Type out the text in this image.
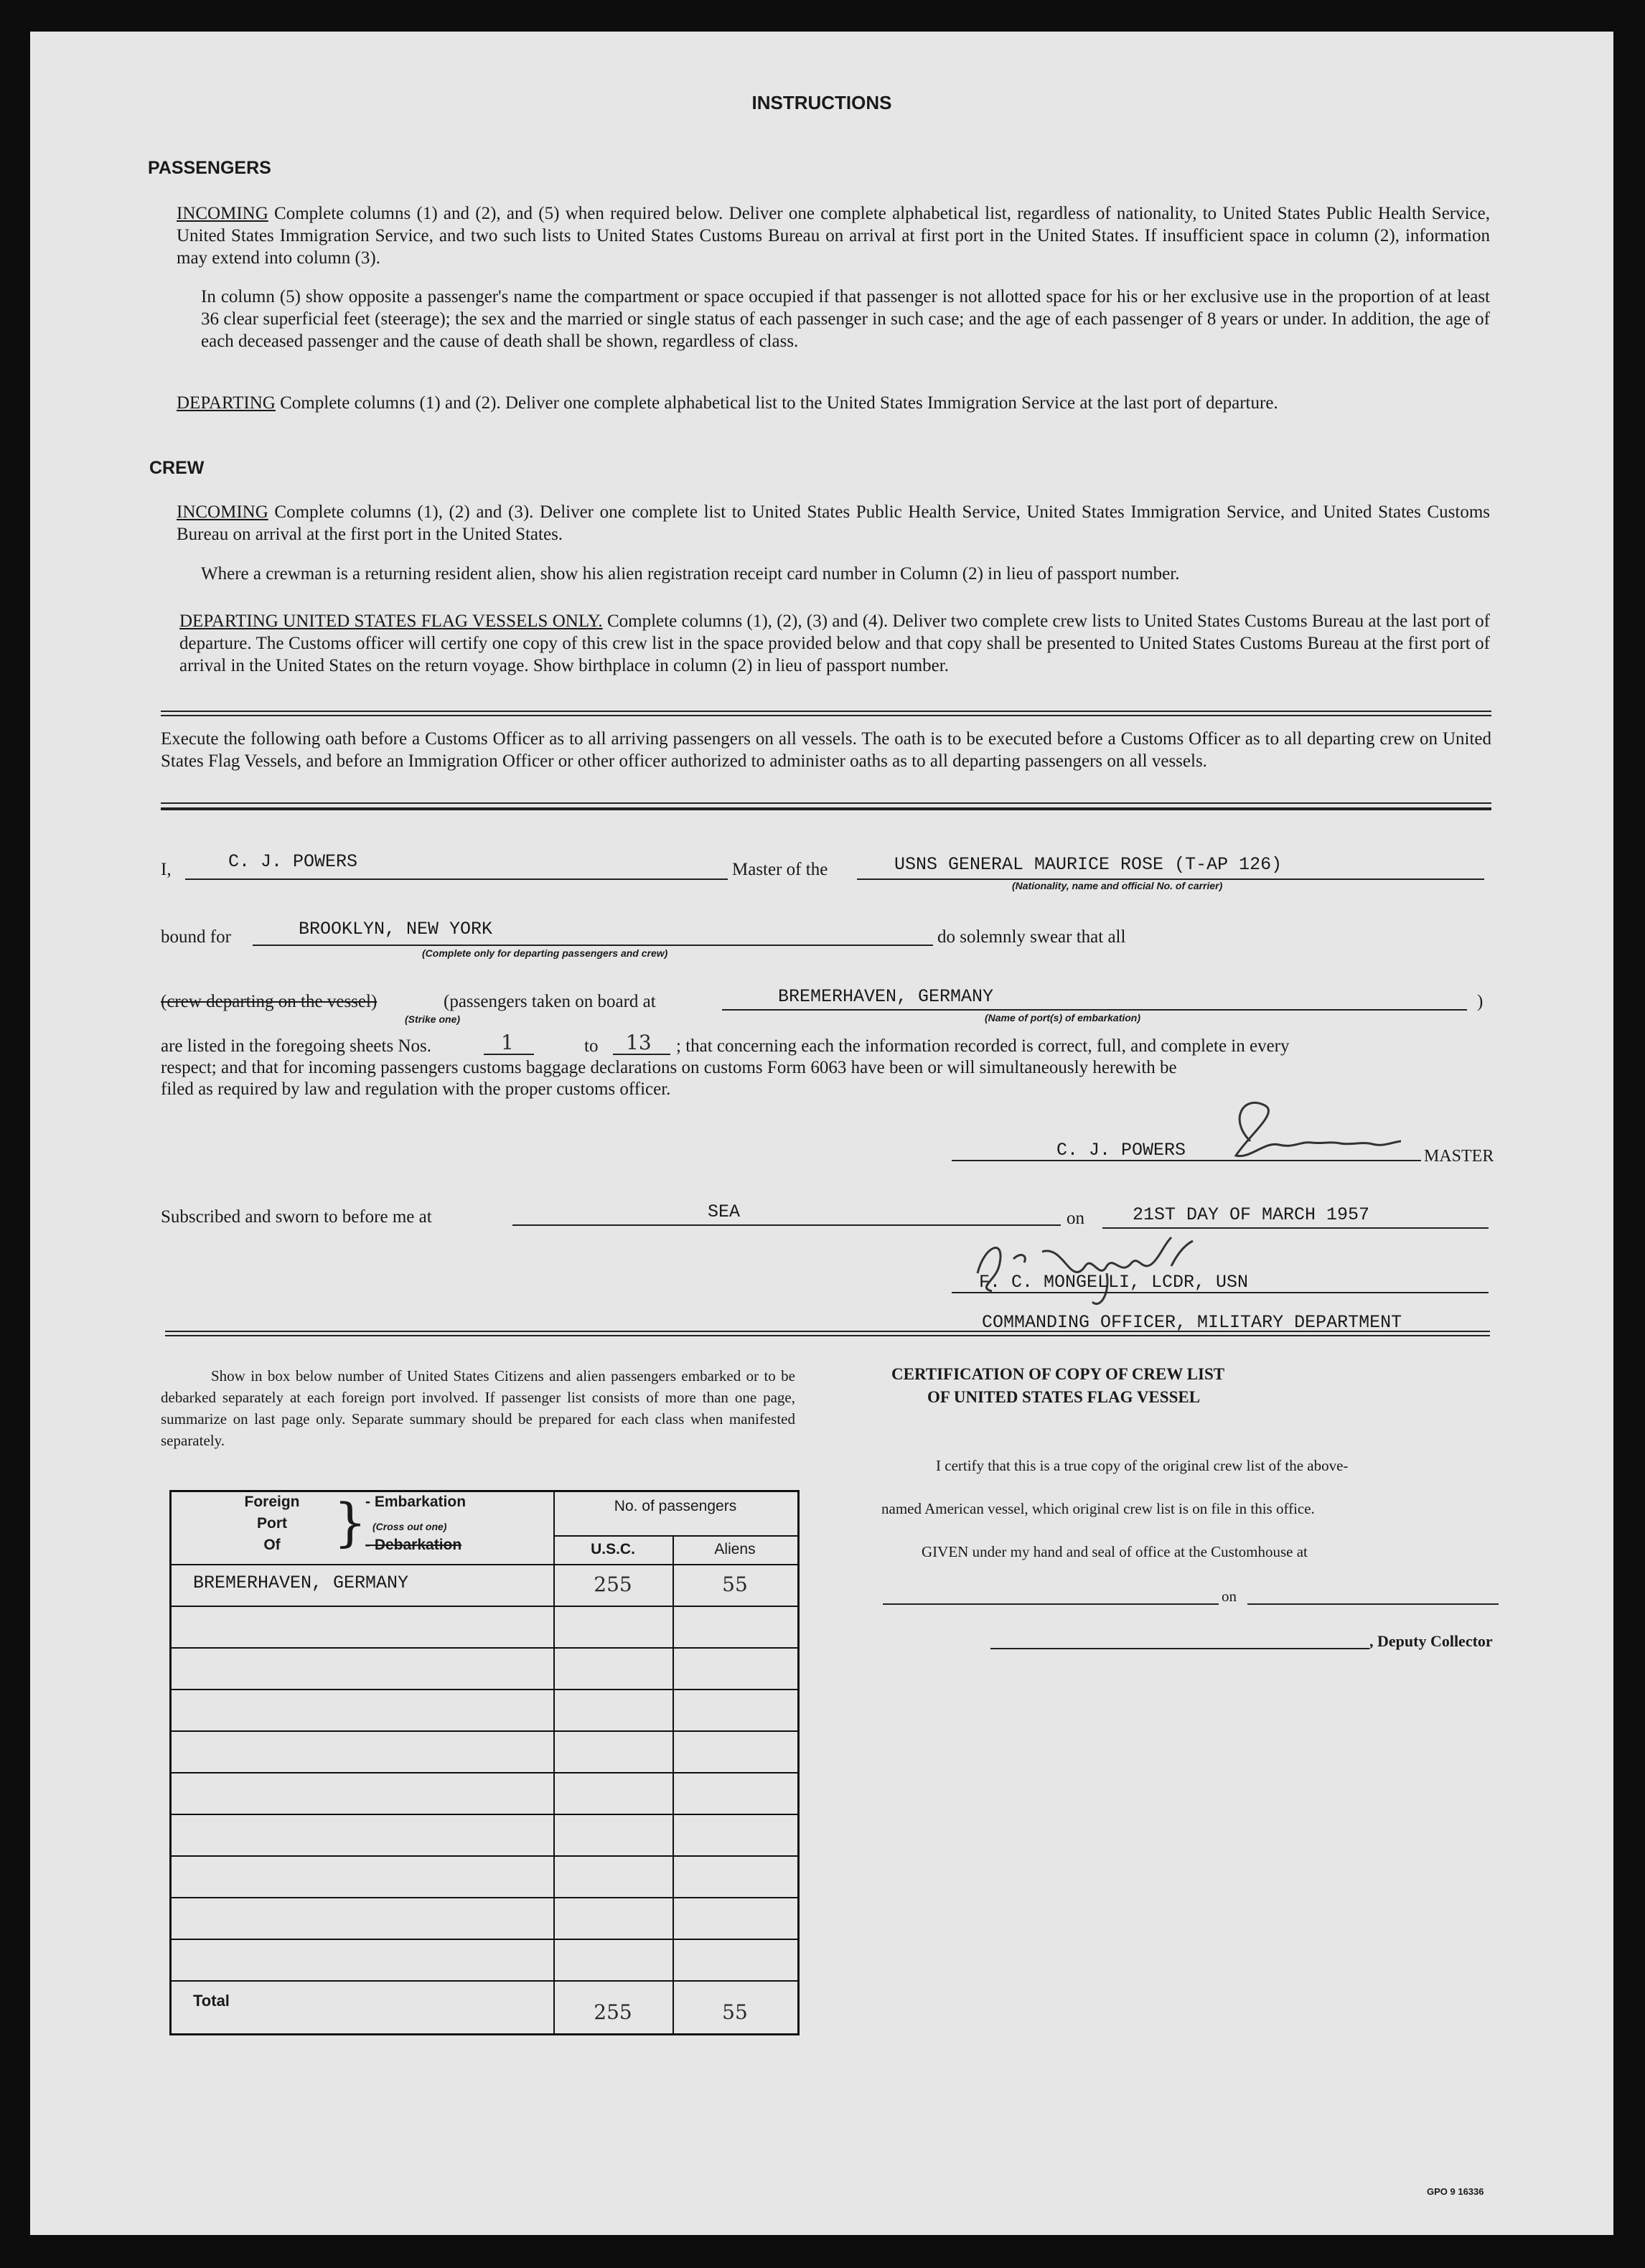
INSTRUCTIONS
PASSENGERS
INCOMING Complete columns (1) and (2), and (5) when required below. Deliver one complete alphabetical list, regardless of nationality, to United States Public Health Service, United States Immigration Service, and two such lists to United States Customs Bureau on arrival at first port in the United States. If insufficient space in column (2), information may extend into column (3).
In column (5) show opposite a passenger's name the compartment or space occupied if that passenger is not allotted space for his or her exclusive use in the proportion of at least 36 clear superficial feet (steerage); the sex and the married or single status of each passenger in such case; and the age of each passenger of 8 years or under. In addition, the age of each deceased passenger and the cause of death shall be shown, regardless of class.
DEPARTING Complete columns (1) and (2). Deliver one complete alphabetical list to the United States Immigration Service at the last port of departure.
CREW
INCOMING Complete columns (1), (2) and (3). Deliver one complete list to United States Public Health Service, United States Immigration Service, and United States Customs Bureau on arrival at the first port in the United States.
Where a crewman is a returning resident alien, show his alien registration receipt card number in Column (2) in lieu of passport number.
DEPARTING UNITED STATES FLAG VESSELS ONLY. Complete columns (1), (2), (3) and (4). Deliver two complete crew lists to United States Customs Bureau at the last port of departure. The Customs officer will certify one copy of this crew list in the space provided below and that copy shall be presented to United States Customs Bureau at the first port of arrival in the United States on the return voyage. Show birthplace in column (2) in lieu of passport number.
Execute the following oath before a Customs Officer as to all arriving passengers on all vessels. The oath is to be executed before a Customs Officer as to all departing crew on United States Flag Vessels, and before an Immigration Officer or other officer authorized to administer oaths as to all departing passengers on all vessels.
I,	C. J. POWERS	Master of the	USNS GENERAL MAURICE ROSE (T-AP 126)
(Nationality, name and official No. of carrier)
bound for	BROOKLYN, NEW YORK
(Complete only for departing passengers and crew)
do solemnly swear that all
(crew departing on the vessel)
(Strike one)
(passengers taken on board at	BREMERHAVEN, GERMANY
(Name of port(s) of embarkation)
)
are listed in the foregoing sheets Nos.	1	to 13 ; that concerning each the information recorded is correct, full, and complete in every
respect; and that for incoming passengers customs baggage declarations on customs Form 6063 have been or will simultaneously herewith be
filed as required by law and regulation with the proper customs officer.
C. J. POWERS	MASTER
Subscribed and sworn to before me at	SEA	on	21ST DAY OF MARCH 1957
F. C. MONGELLI, LCDR, USN
COMMANDING OFFICER, MILITARY DEPARTMENT
Show in box below number of United States Citizens and alien passengers embarked or to be debarked separately at each foreign port involved. If passenger list consists of more than one page, summarize on last page only. Separate summary should be prepared for each class when manifested separately.
Foreign
Port
Of	}
- Embarkation
(Cross out one)
- Debarkation
No. of passengers
U.S.C.	Aliens
BREMERHAVEN, GERMANY	255	55
Total	255	55
CERTIFICATION OF COPY OF CREW LIST
OF UNITED STATES FLAG VESSEL
I certify that this is a true copy of the original crew list of the above-
named American vessel, which original crew list is on file in this office.
GIVEN under my hand and seal of office at the Customhouse at
on
, Deputy Collector
GPO 9 16336
